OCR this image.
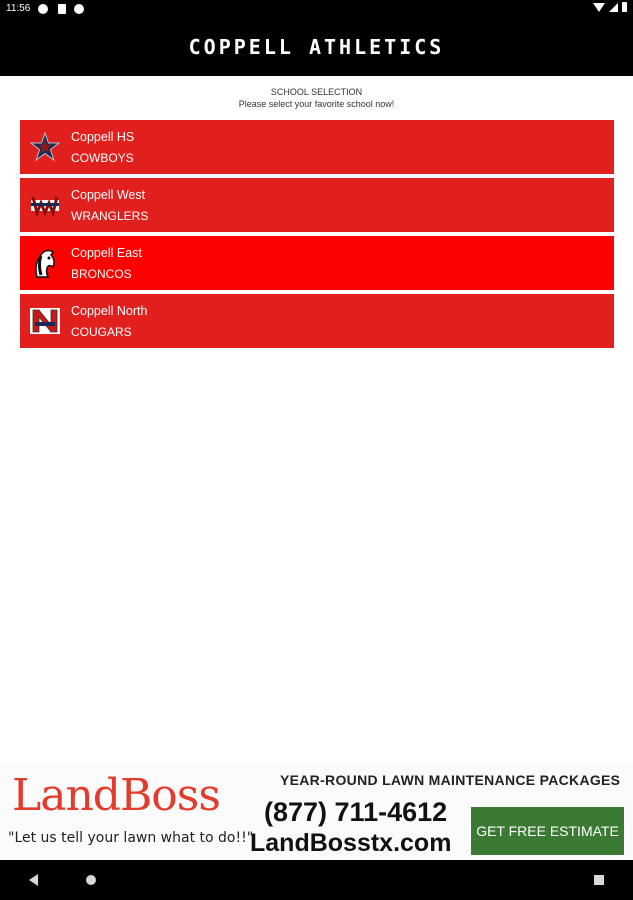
11:56
COPPELL ATHLETICS
SCHOOL SELECTION
Please select your favorite school now!
Coppell HS
COWBOYS
Coppell West
WRANGLERS
Coppell East
BRONCOS
Coppell North
COUGARS
LandBoss
"Let us tell your lawn what to do!!"
YEAR-ROUND LAWN MAINTENANCE PACKAGES
(877) 711-4612
LandBosstx.com	GET FREE ESTIMATE
